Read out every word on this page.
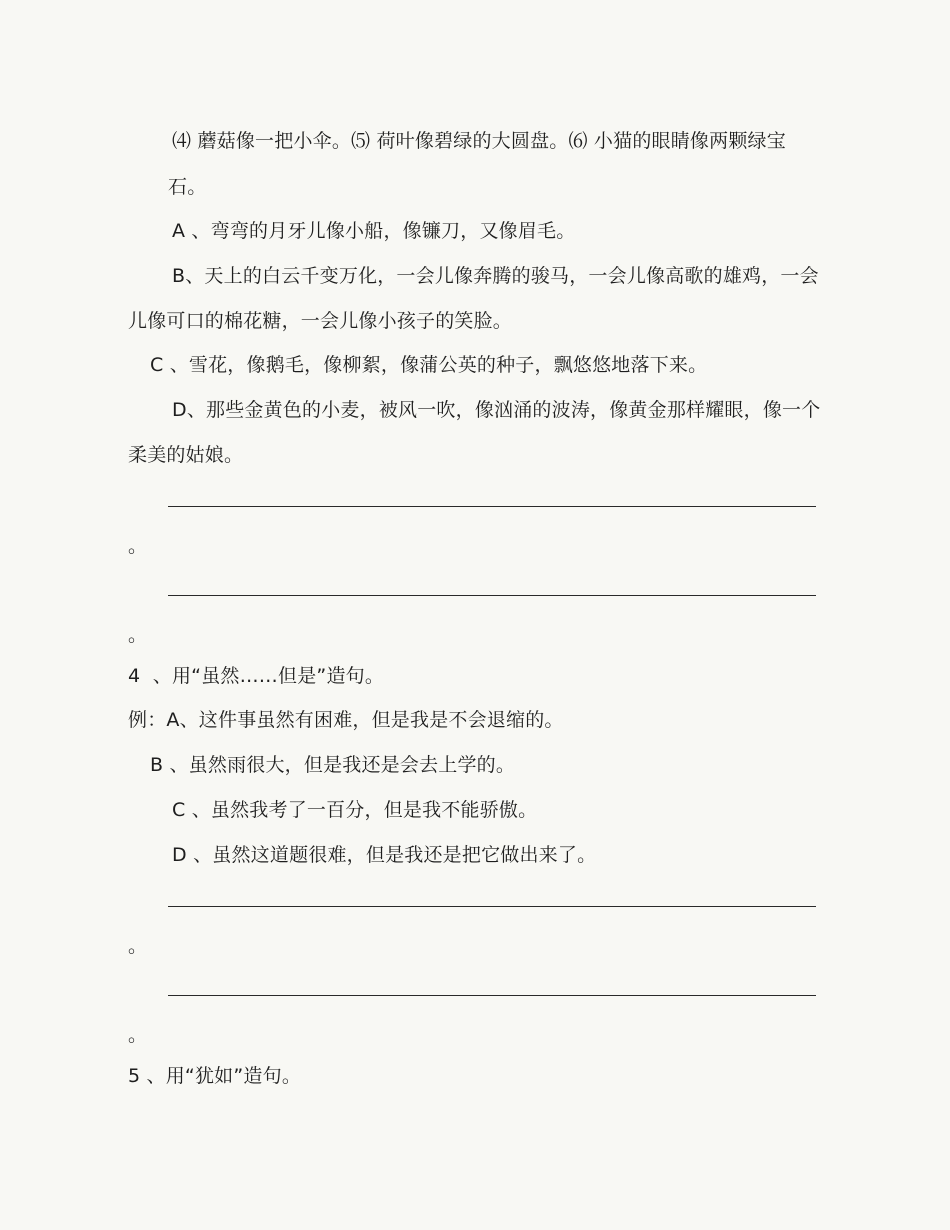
⑷ 蘑菇像一把小伞。⑸ 荷叶像碧绿的大圆盘。⑹ 小猫的眼睛像两颗绿宝
石。
A 、弯弯的月牙儿像小船，像镰刀，又像眉毛。
B、天上的白云千变万化，一会儿像奔腾的骏马，一会儿像高歌的雄鸡，一会
儿像可口的棉花糖，一会儿像小孩子的笑脸。
C 、雪花，像鹅毛，像柳絮，像蒲公英的种子，飘悠悠地落下来。
D、那些金黄色的小麦，被风一吹，像汹涌的波涛，像黄金那样耀眼，像一个
柔美的姑娘。
。
。
4  、用“虽然……但是”造句。
例：A、这件事虽然有困难，但是我是不会退缩的。
B 、虽然雨很大，但是我还是会去上学的。
C 、虽然我考了一百分，但是我不能骄傲。
D 、虽然这道题很难，但是我还是把它做出来了。
。
。
5 、用“犹如”造句。
